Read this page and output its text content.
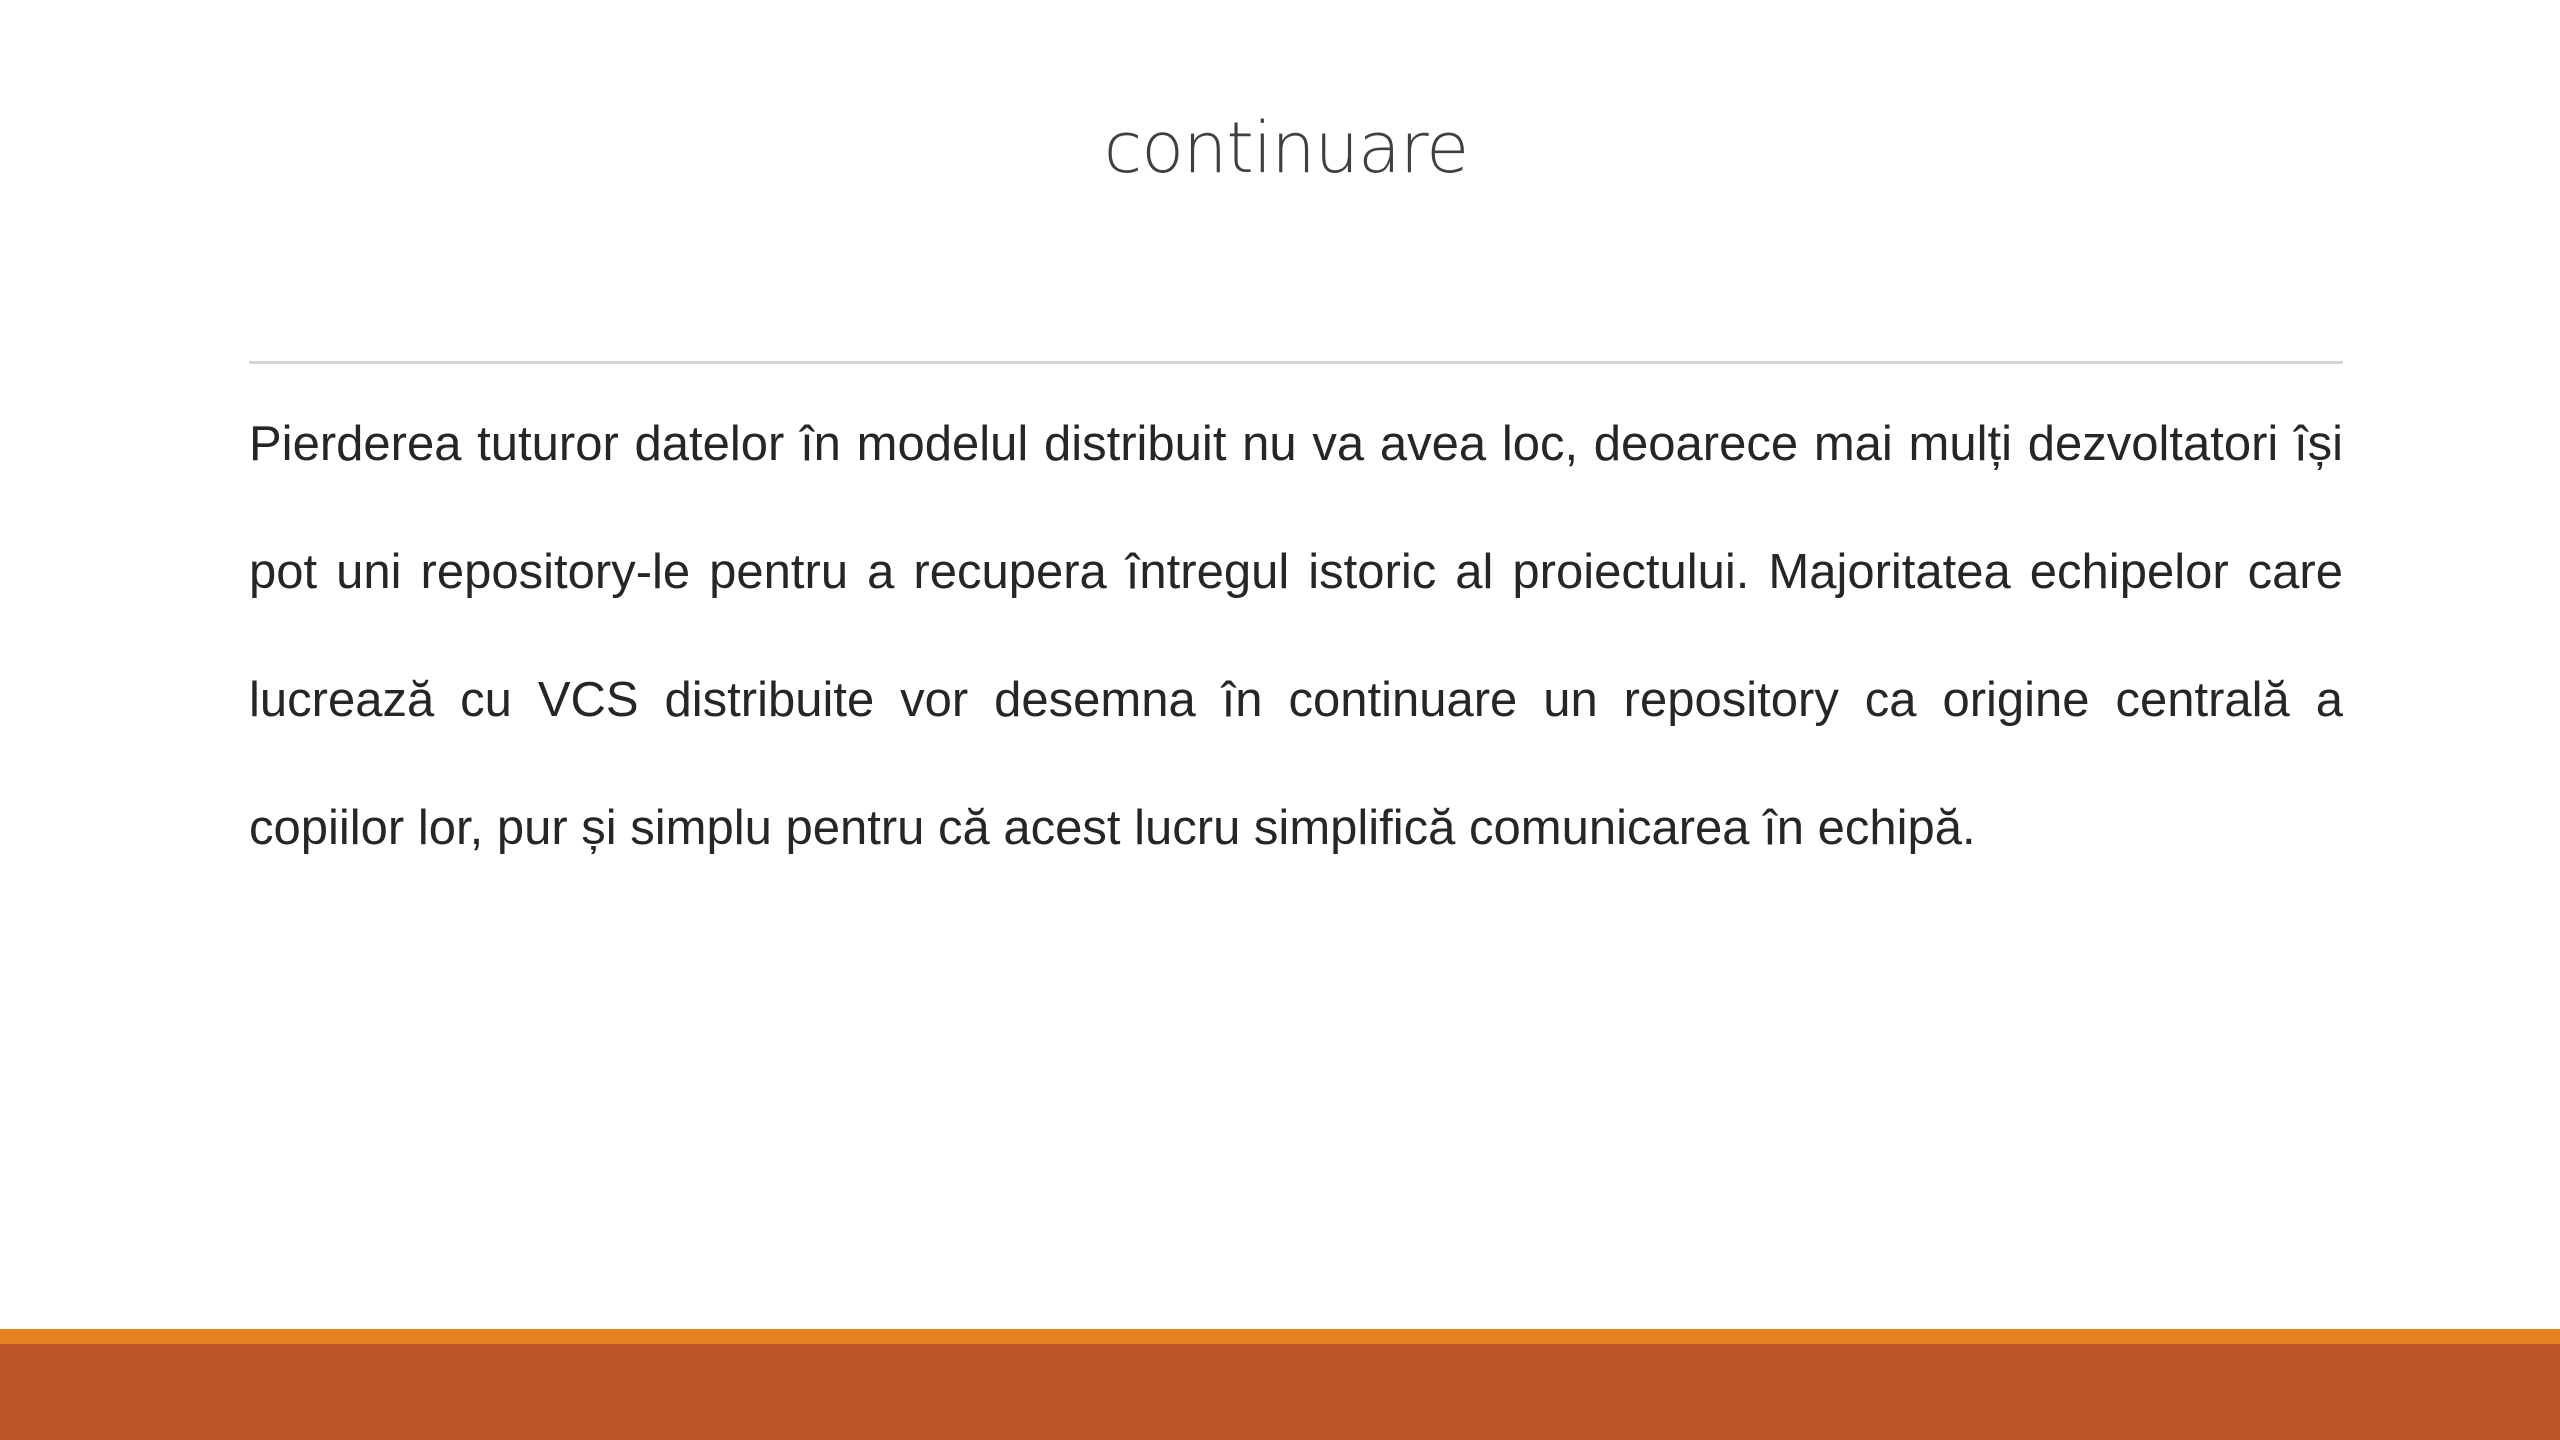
continuare

Pierderea tuturor datelor în modelul distribuit nu va avea loc, deoarece mai mulți dezvoltatori își pot uni repository-le pentru a recupera întregul istoric al proiectului. Majoritatea echipelor care lucrează cu VCS distribuite vor desemna în continuare un repository ca origine centrală a copiilor lor, pur și simplu pentru că acest lucru simplifică comunicarea în echipă.
